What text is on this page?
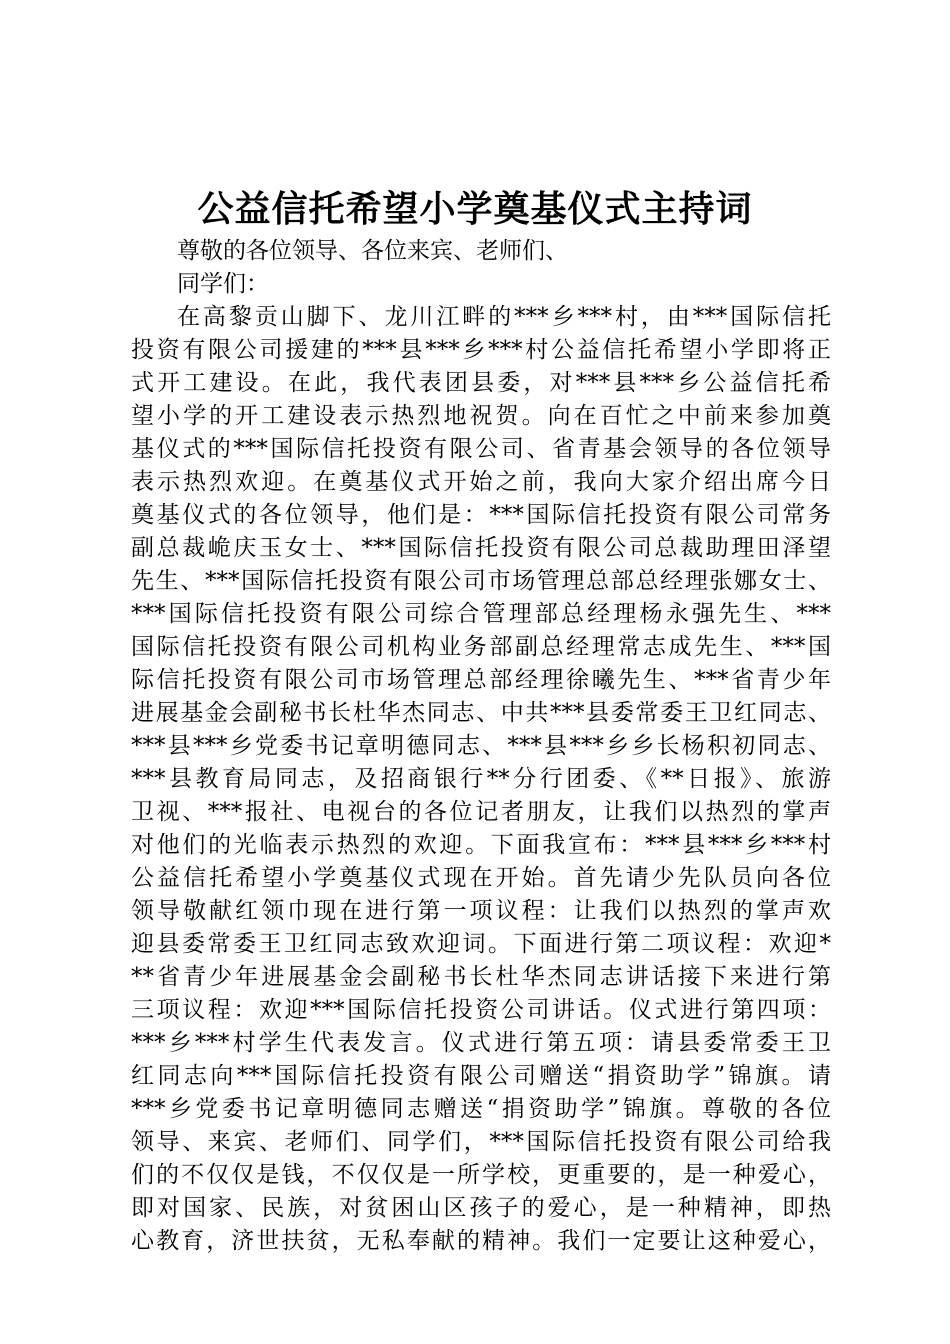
公益信托希望小学奠基仪式主持词
尊敬的各位领导、各位来宾、老师们、
同学们：
在高黎贡山脚下、龙川江畔的***乡***村，由***国际信托
投资有限公司援建的***县***乡***村公益信托希望小学即将正
式开工建设。在此，我代表团县委，对***县***乡公益信托希
望小学的开工建设表示热烈地祝贺。向在百忙之中前来参加奠
基仪式的***国际信托投资有限公司、省青基会领导的各位领导
表示热烈欢迎。在奠基仪式开始之前，我向大家介绍出席今日
奠基仪式的各位领导，他们是：***国际信托投资有限公司常务
副总裁峗庆玉女士、***国际信托投资有限公司总裁助理田泽望
先生、***国际信托投资有限公司市场管理总部总经理张娜女士、
***国际信托投资有限公司综合管理部总经理杨永强先生、***
国际信托投资有限公司机构业务部副总经理常志成先生、***国
际信托投资有限公司市场管理总部经理徐曦先生、***省青少年
进展基金会副秘书长杜华杰同志、中共***县委常委王卫红同志、
***县***乡党委书记章明德同志、***县***乡乡长杨积初同志、
***县教育局同志，及招商银行**分行团委、《**日报》、旅游
卫视、***报社、电视台的各位记者朋友，让我们以热烈的掌声
对他们的光临表示热烈的欢迎。下面我宣布：***县***乡***村
公益信托希望小学奠基仪式现在开始。首先请少先队员向各位
领导敬献红领巾现在进行第一项议程：让我们以热烈的掌声欢
迎县委常委王卫红同志致欢迎词。下面进行第二项议程：欢迎*
**省青少年进展基金会副秘书长杜华杰同志讲话接下来进行第
三项议程：欢迎***国际信托投资公司讲话。仪式进行第四项：
***乡***村学生代表发言。仪式进行第五项：请县委常委王卫
红同志向***国际信托投资有限公司赠送“捐资助学”锦旗。请
***乡党委书记章明德同志赠送“捐资助学”锦旗。尊敬的各位
领导、来宾、老师们、同学们，***国际信托投资有限公司给我
们的不仅仅是钱，不仅仅是一所学校，更重要的，是一种爱心，
即对国家、民族，对贫困山区孩子的爱心，是一种精神，即热
心教育，济世扶贫，无私奉献的精神。我们一定要让这种爱心，
